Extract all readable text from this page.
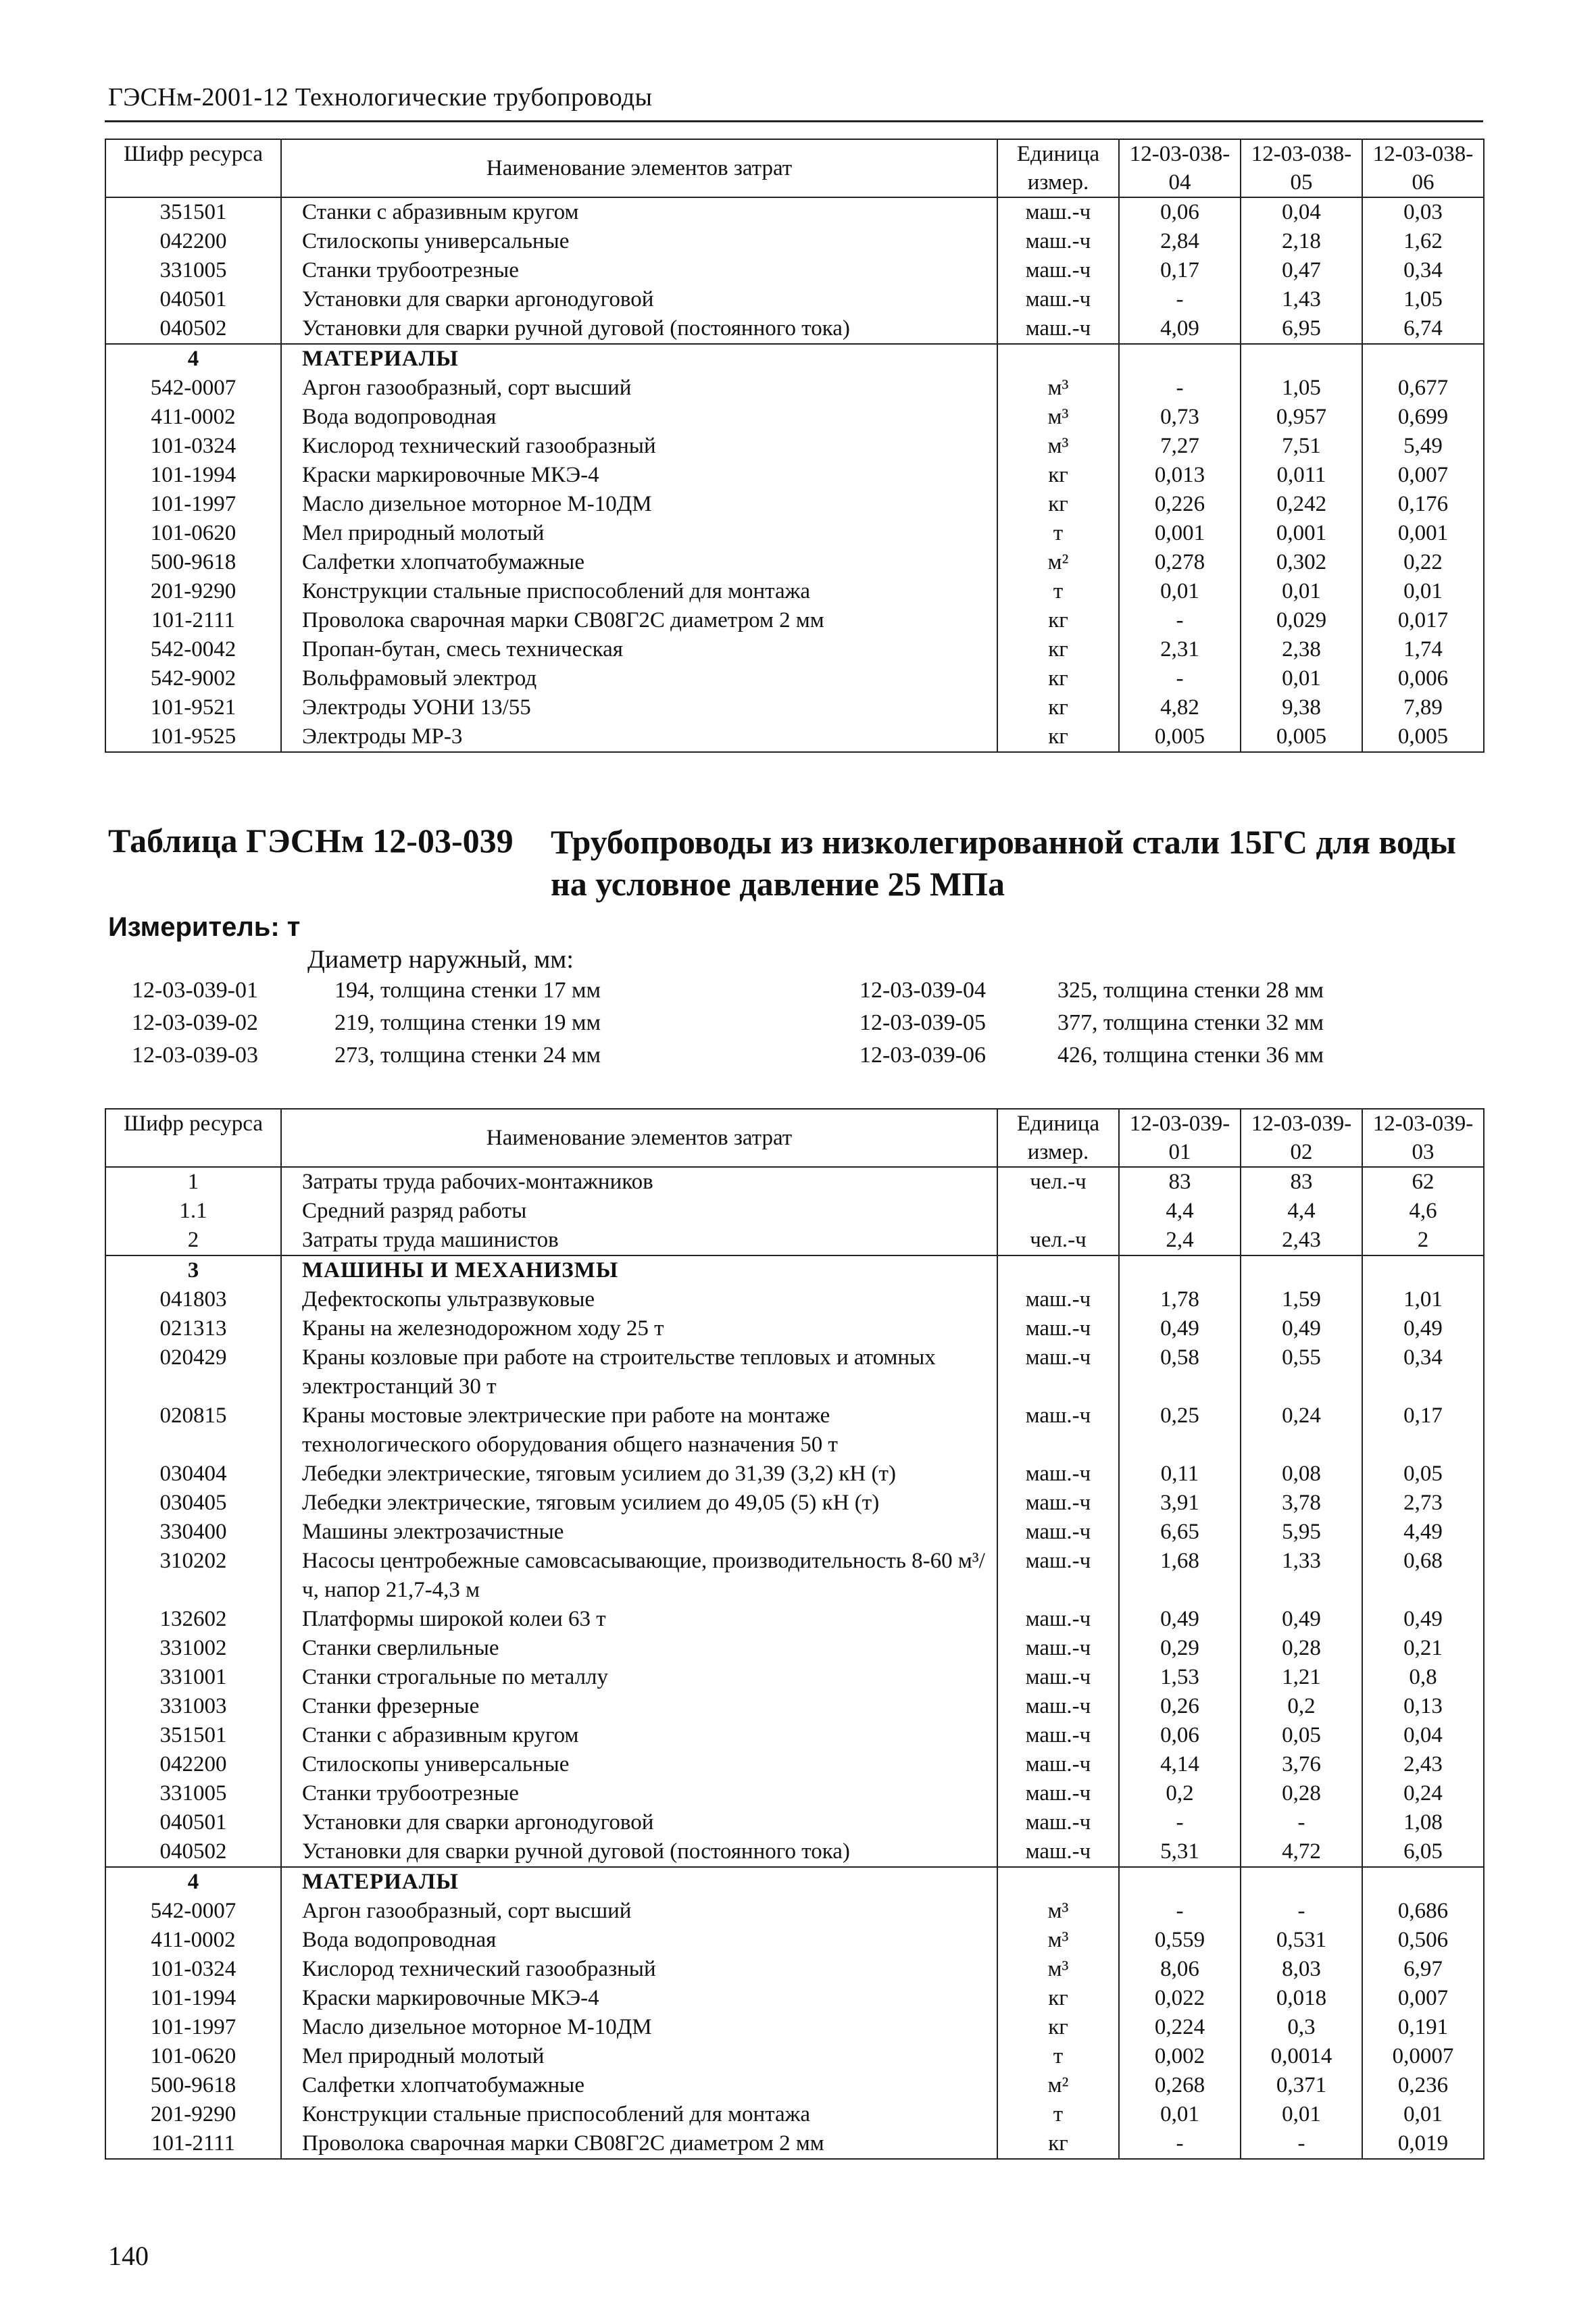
ГЭСНм-2001-12 Технологические трубопроводы
Шифр ресурса	Наименование элементов затрат	Единица измер.	12-03-038-04	12-03-038-05	12-03-038-06
351501	Станки с абразивным кругом	маш.-ч	0,06	0,04	0,03
042200	Стилоскопы универсальные	маш.-ч	2,84	2,18	1,62
331005	Станки трубоотрезные	маш.-ч	0,17	0,47	0,34
040501	Установки для сварки аргонодуговой	маш.-ч	-	1,43	1,05
040502	Установки для сварки ручной дуговой (постоянного тока)	маш.-ч	4,09	6,95	6,74
4	МАТЕРИАЛЫ				
542-0007	Аргон газообразный, сорт высший	м³	-	1,05	0,677
411-0002	Вода водопроводная	м³	0,73	0,957	0,699
101-0324	Кислород технический газообразный	м³	7,27	7,51	5,49
101-1994	Краски маркировочные МКЭ-4	кг	0,013	0,011	0,007
101-1997	Масло дизельное моторное М-10ДМ	кг	0,226	0,242	0,176
101-0620	Мел природный молотый	т	0,001	0,001	0,001
500-9618	Салфетки хлопчатобумажные	м²	0,278	0,302	0,22
201-9290	Конструкции стальные приспособлений для монтажа	т	0,01	0,01	0,01
101-2111	Проволока сварочная марки СВ08Г2С диаметром 2 мм	кг	-	0,029	0,017
542-0042	Пропан-бутан, смесь техническая	кг	2,31	2,38	1,74
542-9002	Вольфрамовый электрод	кг	-	0,01	0,006
101-9521	Электроды УОНИ 13/55	кг	4,82	9,38	7,89
101-9525	Электроды МР-3	кг	0,005	0,005	0,005
Таблица ГЭСНм 12-03-039 Трубопроводы из низколегированной стали 15ГС для воды
на условное давление 25 МПа
Измеритель: т
Диаметр наружный, мм:
12-03-039-01	194, толщина стенки 17 мм
12-03-039-02	219, толщина стенки 19 мм
12-03-039-03	273, толщина стенки 24 мм
12-03-039-04	325, толщина стенки 28 мм
12-03-039-05	377, толщина стенки 32 мм
12-03-039-06	426, толщина стенки 36 мм
Шифр ресурса	Наименование элементов затрат	Единица измер.	12-03-039-01	12-03-039-02	12-03-039-03
1	Затраты труда рабочих-монтажников	чел.-ч	83	83	62
1.1	Средний разряд работы		4,4	4,4	4,6
2	Затраты труда машинистов	чел.-ч	2,4	2,43	2
3	МАШИНЫ И МЕХАНИЗМЫ				
041803	Дефектоскопы ультразвуковые	маш.-ч	1,78	1,59	1,01
021313	Краны на железнодорожном ходу 25 т	маш.-ч	0,49	0,49	0,49
020429	Краны козловые при работе на строительстве тепловых и атомных электростанций 30 т	маш.-ч	0,58	0,55	0,34
020815	Краны мостовые электрические при работе на монтаже технологического оборудования общего назначения 50 т	маш.-ч	0,25	0,24	0,17
030404	Лебедки электрические, тяговым усилием до 31,39 (3,2) кН (т)	маш.-ч	0,11	0,08	0,05
030405	Лебедки электрические, тяговым усилием до 49,05 (5) кН (т)	маш.-ч	3,91	3,78	2,73
330400	Машины электрозачистные	маш.-ч	6,65	5,95	4,49
310202	Насосы центробежные самовсасывающие, производительность 8-60 м³/ч, напор 21,7-4,3 м	маш.-ч	1,68	1,33	0,68
132602	Платформы широкой колеи 63 т	маш.-ч	0,49	0,49	0,49
331002	Станки сверлильные	маш.-ч	0,29	0,28	0,21
331001	Станки строгальные по металлу	маш.-ч	1,53	1,21	0,8
331003	Станки фрезерные	маш.-ч	0,26	0,2	0,13
351501	Станки с абразивным кругом	маш.-ч	0,06	0,05	0,04
042200	Стилоскопы универсальные	маш.-ч	4,14	3,76	2,43
331005	Станки трубоотрезные	маш.-ч	0,2	0,28	0,24
040501	Установки для сварки аргонодуговой	маш.-ч	-	-	1,08
040502	Установки для сварки ручной дуговой (постоянного тока)	маш.-ч	5,31	4,72	6,05
4	МАТЕРИАЛЫ				
542-0007	Аргон газообразный, сорт высший	м³	-	-	0,686
411-0002	Вода водопроводная	м³	0,559	0,531	0,506
101-0324	Кислород технический газообразный	м³	8,06	8,03	6,97
101-1994	Краски маркировочные МКЭ-4	кг	0,022	0,018	0,007
101-1997	Масло дизельное моторное М-10ДМ	кг	0,224	0,3	0,191
101-0620	Мел природный молотый	т	0,002	0,0014	0,0007
500-9618	Салфетки хлопчатобумажные	м²	0,268	0,371	0,236
201-9290	Конструкции стальные приспособлений для монтажа	т	0,01	0,01	0,01
101-2111	Проволока сварочная марки СВ08Г2С диаметром 2 мм	кг	-	-	0,019
140
